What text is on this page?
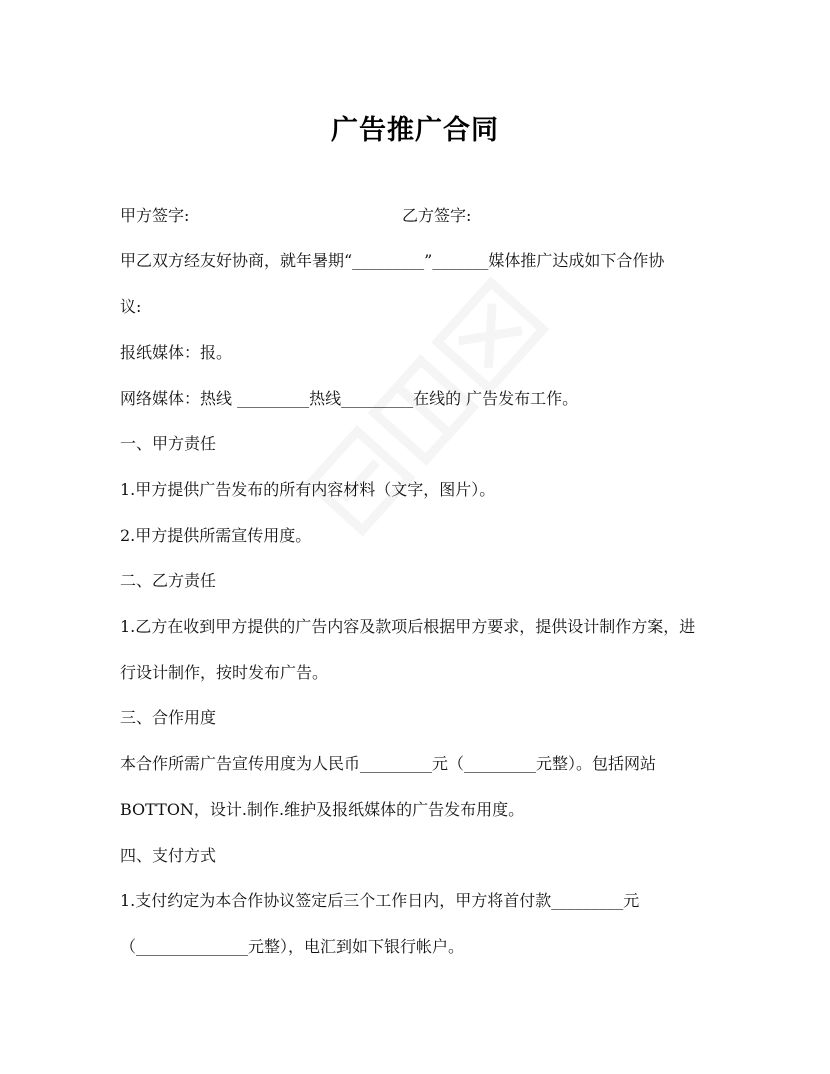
广告推广合同
甲方签字:	乙方签字:
甲乙双方经友好协商，就年暑期“_________”_______媒体推广达成如下合作协
议:
报纸媒体：报。
网络媒体：热线 _________热线_________在线的 广告发布工作。
一、甲方责任
1.甲方提供广告发布的所有内容材料（文字，图片）。
2.甲方提供所需宣传用度。
二、乙方责任
1.乙方在收到甲方提供的广告内容及款项后根据甲方要求，提供设计制作方案，进
行设计制作，按时发布广告。
三、合作用度
本合作所需广告宣传用度为人民币_________元（_________元整）。包括网站
BOTTON，设计.制作.维护及报纸媒体的广告发布用度。
四、支付方式
1.支付约定为本合作协议签定后三个工作日内，甲方将首付款_________元
（______________元整），电汇到如下银行帐户。
